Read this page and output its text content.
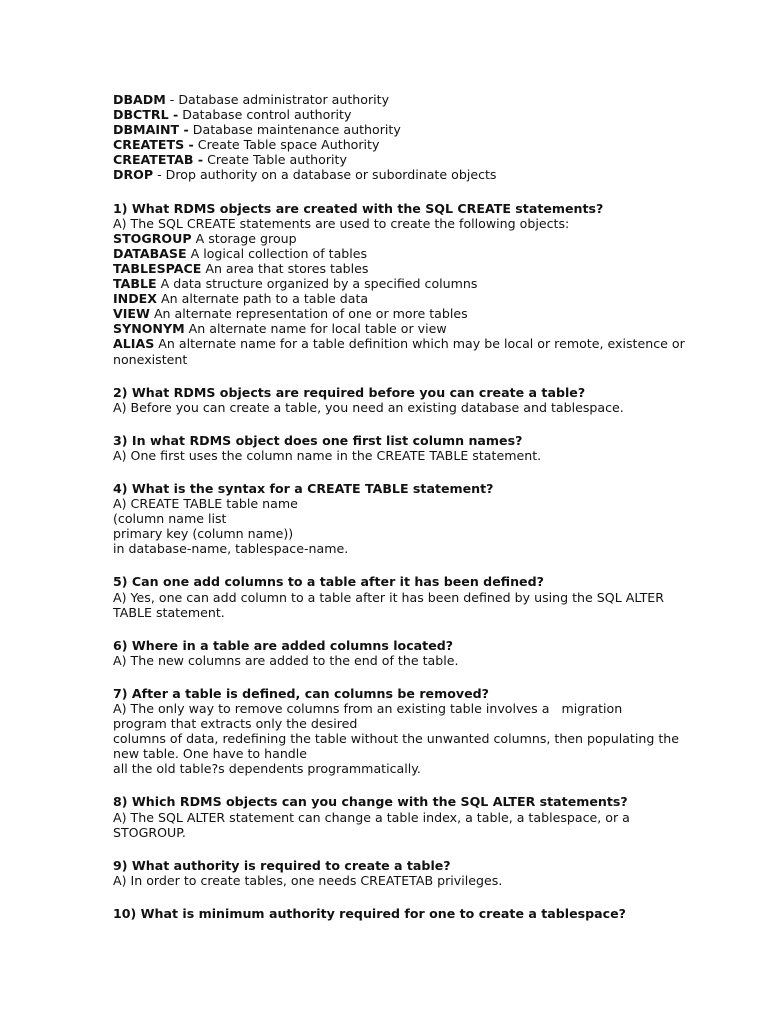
DBADM - Database administrator authority
DBCTRL - Database control authority
DBMAINT - Database maintenance authority
CREATETS - Create Table space Authority
CREATETAB - Create Table authority
DROP - Drop authority on a database or subordinate objects
1) What RDMS objects are created with the SQL CREATE statements?
A) The SQL CREATE statements are used to create the following objects:
STOGROUP A storage group
DATABASE A logical collection of tables
TABLESPACE An area that stores tables
TABLE A data structure organized by a specified columns
INDEX An alternate path to a table data
VIEW An alternate representation of one or more tables
SYNONYM An alternate name for local table or view
ALIAS An alternate name for a table definition which may be local or remote, existence or nonexistent
2) What RDMS objects are required before you can create a table?
A) Before you can create a table, you need an existing database and tablespace.
3) In what RDMS object does one first list column names?
A) One first uses the column name in the CREATE TABLE statement.
4) What is the syntax for a CREATE TABLE statement?
A) CREATE TABLE table name
(column name list
primary key (column name))
in database-name, tablespace-name.
5) Can one add columns to a table after it has been defined?
A) Yes, one can add column to a table after it has been defined by using the SQL ALTER
TABLE statement.
6) Where in a table are added columns located?
A) The new columns are added to the end of the table.
7) After a table is defined, can columns be removed?
A) The only way to remove columns from an existing table involves a   migration
program that extracts only the desired
columns of data, redefining the table without the unwanted columns, then populating the
new table. One have to handle
all the old table?s dependents programmatically.
8) Which RDMS objects can you change with the SQL ALTER statements?
A) The SQL ALTER statement can change a table index, a table, a tablespace, or a
STOGROUP.
9) What authority is required to create a table?
A) In order to create tables, one needs CREATETAB privileges.
10) What is minimum authority required for one to create a tablespace?
